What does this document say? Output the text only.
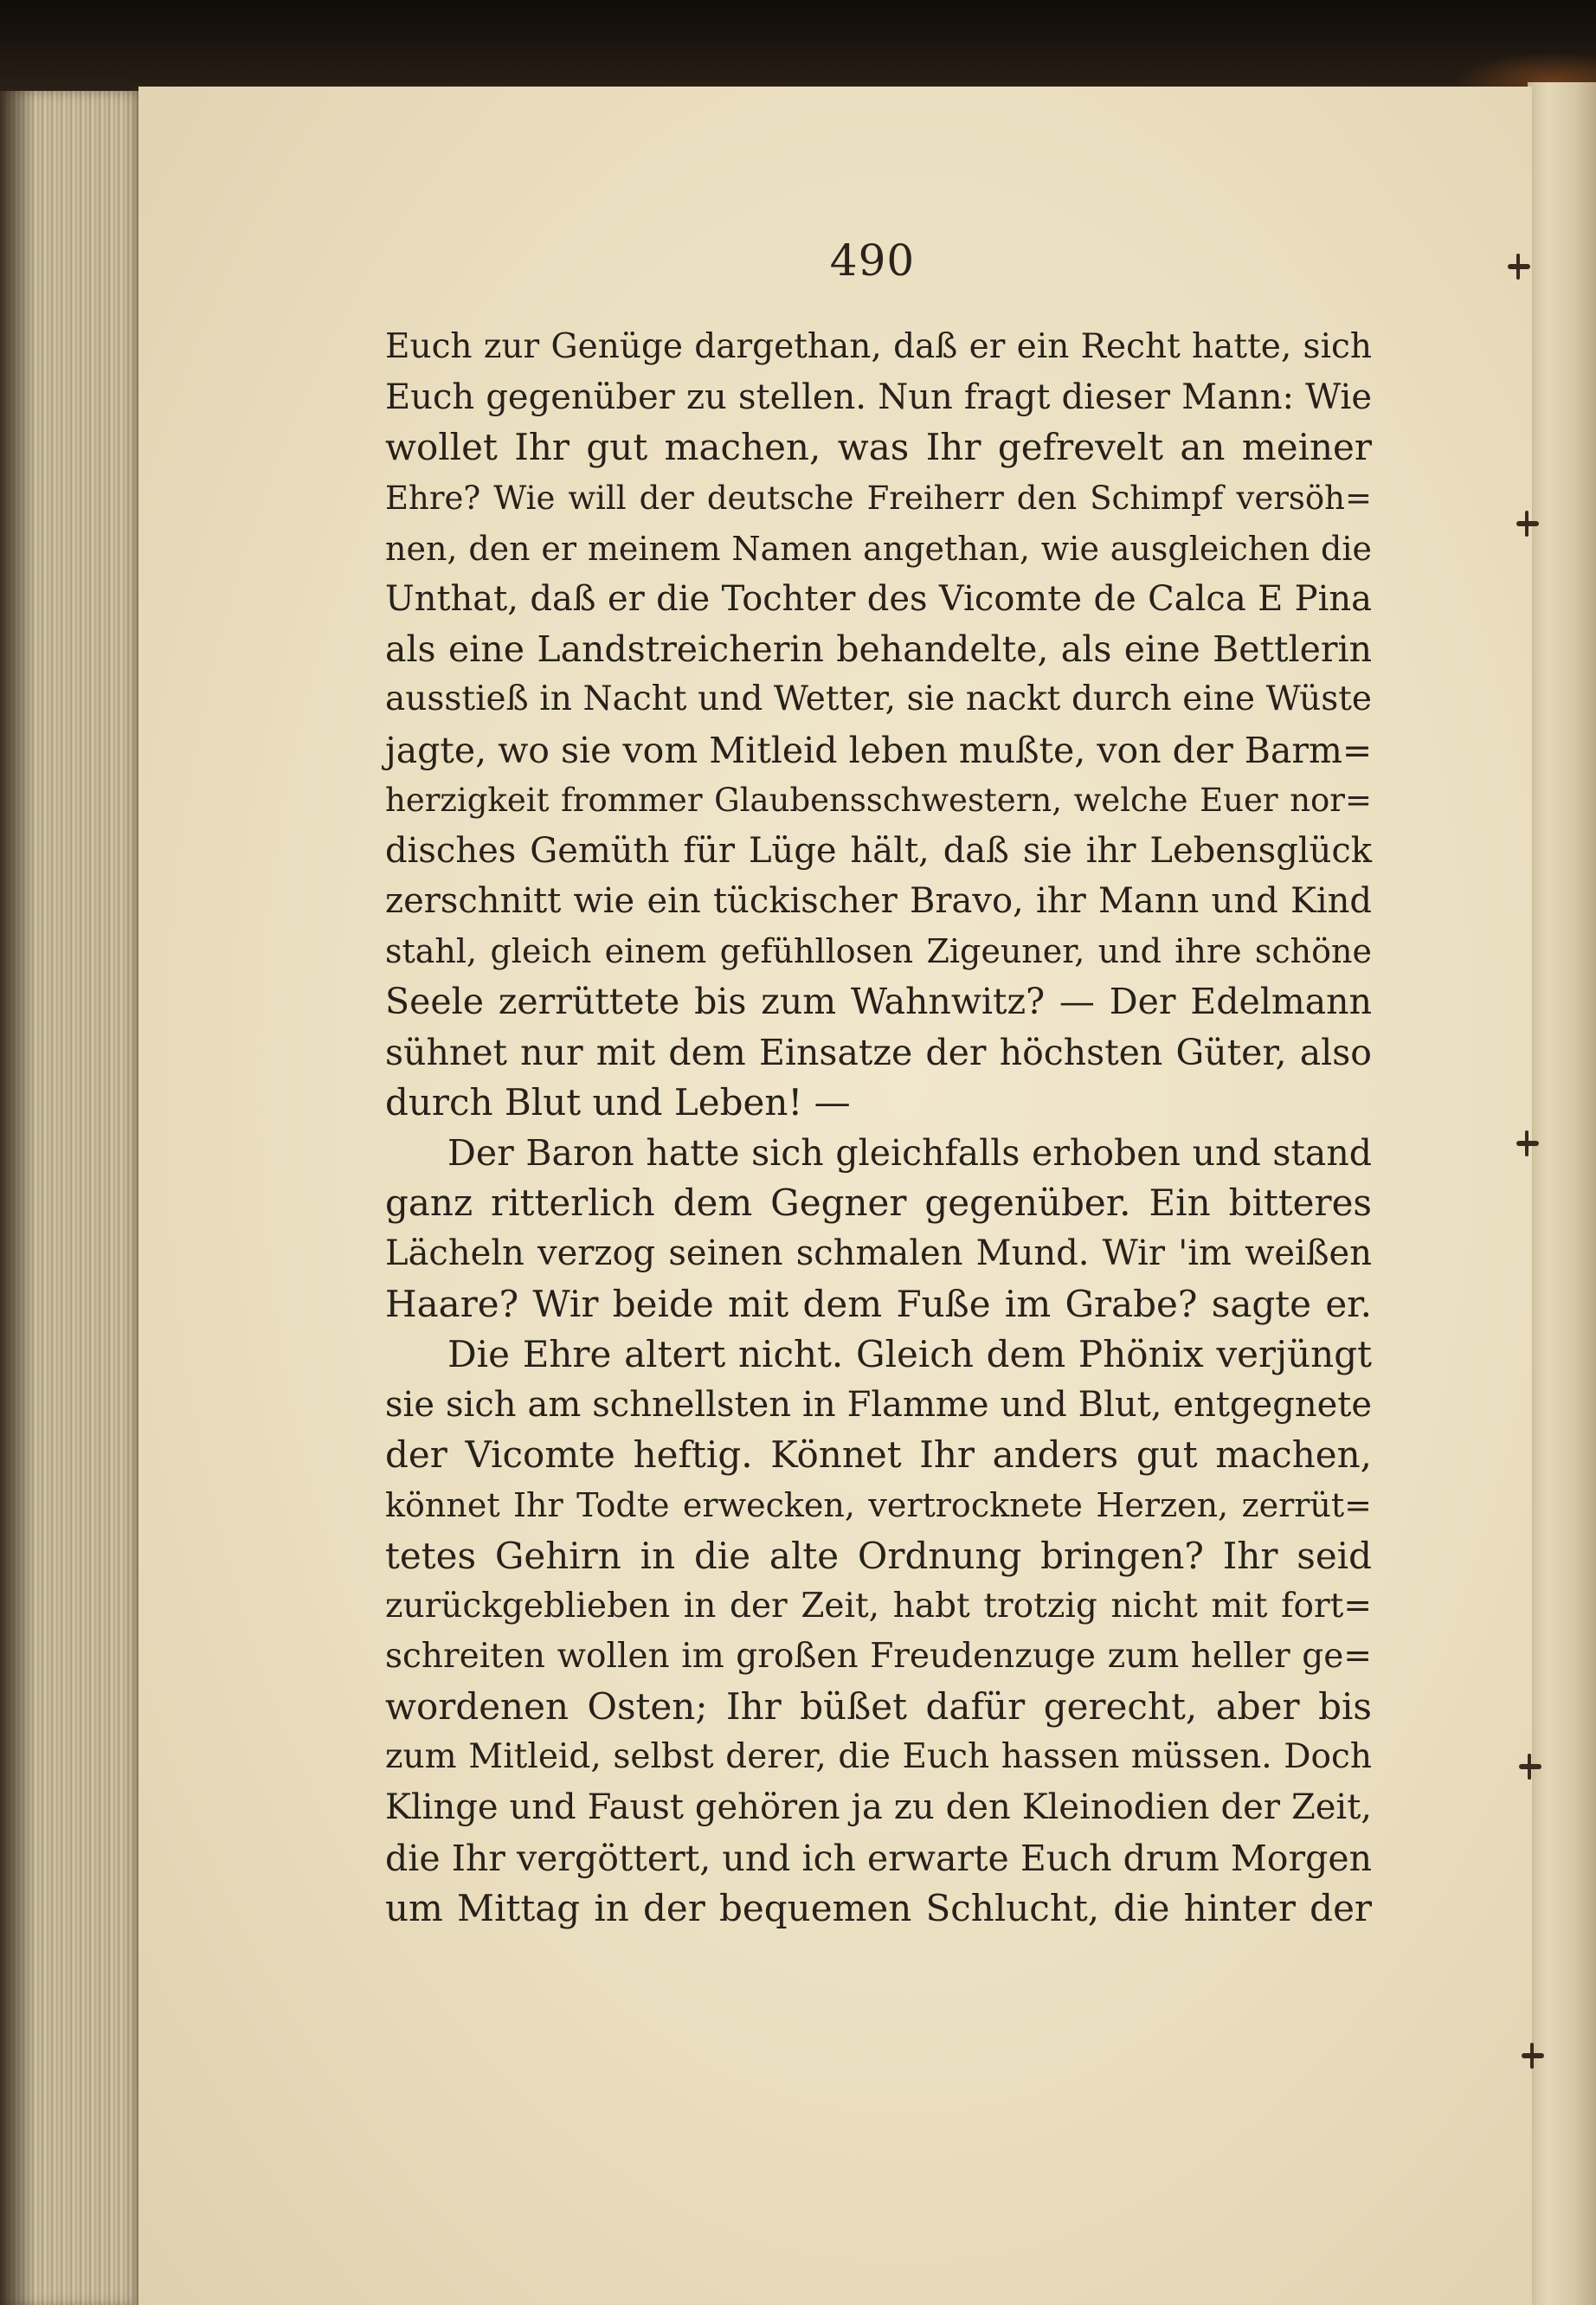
490
Euch zur Genüge dargethan, daß er ein Recht hatte, sich
Euch gegenüber zu stellen. Nun fragt dieser Mann: Wie
wollet Ihr gut machen, was Ihr gefrevelt an meiner
Ehre? Wie will der deutsche Freiherr den Schimpf versöh=
nen, den er meinem Namen angethan, wie ausgleichen die
Unthat, daß er die Tochter des Vicomte de Calca E Pina
als eine Landstreicherin behandelte, als eine Bettlerin
ausstieß in Nacht und Wetter, sie nackt durch eine Wüste
jagte, wo sie vom Mitleid leben mußte, von der Barm=
herzigkeit frommer Glaubensschwestern, welche Euer nor=
disches Gemüth für Lüge hält, daß sie ihr Lebensglück
zerschnitt wie ein tückischer Bravo, ihr Mann und Kind
stahl, gleich einem gefühllosen Zigeuner, und ihre schöne
Seele zerrüttete bis zum Wahnwitz? — Der Edelmann
sühnet nur mit dem Einsatze der höchsten Güter, also
durch Blut und Leben! —
Der Baron hatte sich gleichfalls erhoben und stand
ganz ritterlich dem Gegner gegenüber. Ein bitteres
Lächeln verzog seinen schmalen Mund. Wir 'im weißen
Haare? Wir beide mit dem Fuße im Grabe? sagte er.
Die Ehre altert nicht. Gleich dem Phönix verjüngt
sie sich am schnellsten in Flamme und Blut, entgegnete
der Vicomte heftig. Könnet Ihr anders gut machen,
könnet Ihr Todte erwecken, vertrocknete Herzen, zerrüt=
tetes Gehirn in die alte Ordnung bringen? Ihr seid
zurückgeblieben in der Zeit, habt trotzig nicht mit fort=
schreiten wollen im großen Freudenzuge zum heller ge=
wordenen Osten; Ihr büßet dafür gerecht, aber bis
zum Mitleid, selbst derer, die Euch hassen müssen. Doch
Klinge und Faust gehören ja zu den Kleinodien der Zeit,
die Ihr vergöttert, und ich erwarte Euch drum Morgen
um Mittag in der bequemen Schlucht, die hinter der
